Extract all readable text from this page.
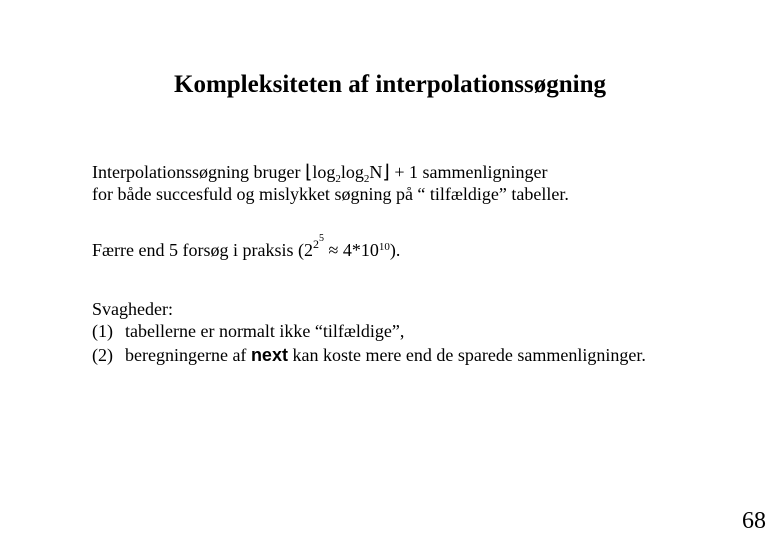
Kompleksiteten af interpolationssøgning
Interpolationssøgning bruger $⌊\log_2\log_2N⌋ + 1$ sammenligninger
for både succesfuld og mislykket søgning på “ tilfældige” tabeller.
Færre end 5 forsøg i praksis $(2^{25} \approx 4*10^{10})$.
Svagheder:
(1) tabellerne er normalt ikke “tilfældige”,
(2) beregningerne af next kan koste mere end de sparede sammenligninger.
68
